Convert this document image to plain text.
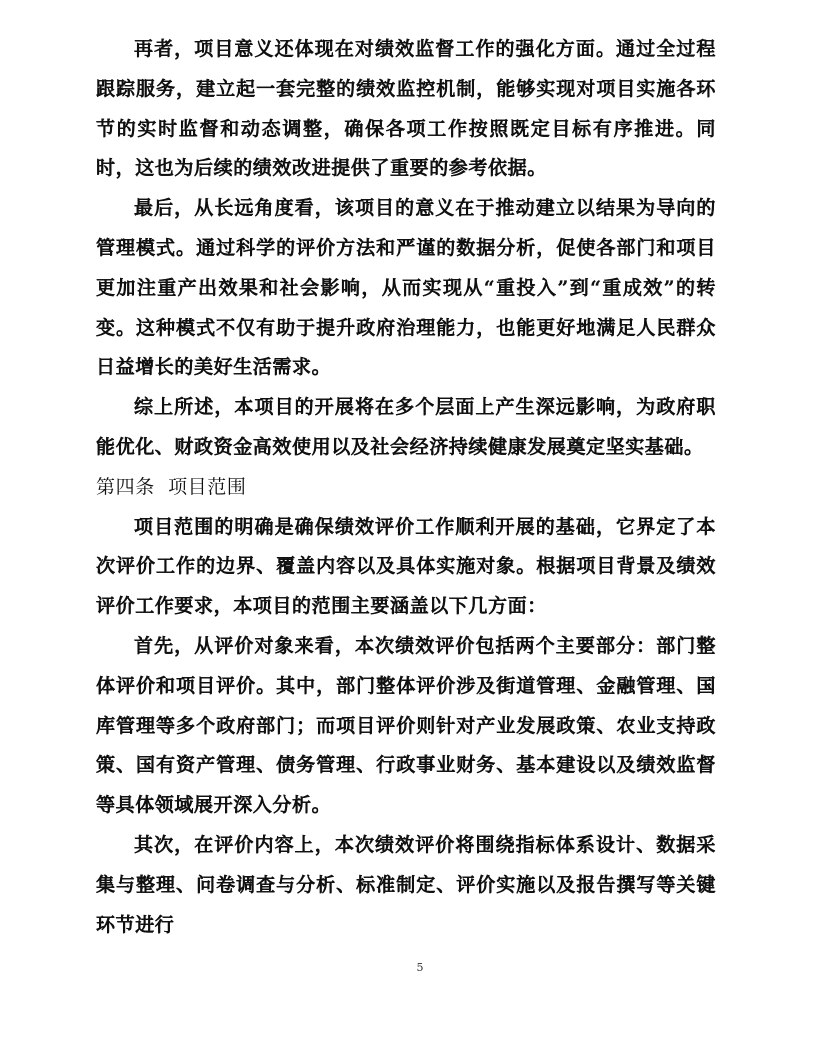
再者，项目意义还体现在对绩效监督工作的强化方面。通过全过程跟踪服务，建立起一套完整的绩效监控机制，能够实现对项目实施各环节的实时监督和动态调整，确保各项工作按照既定目标有序推进。同时，这也为后续的绩效改进提供了重要的参考依据。

最后，从长远角度看，该项目的意义在于推动建立以结果为导向的管理模式。通过科学的评价方法和严谨的数据分析，促使各部门和项目更加注重产出效果和社会影响，从而实现从“重投入”到“重成效”的转变。这种模式不仅有助于提升政府治理能力，也能更好地满足人民群众日益增长的美好生活需求。

综上所述，本项目的开展将在多个层面上产生深远影响，为政府职能优化、财政资金高效使用以及社会经济持续健康发展奠定坚实基础。

第四条  项目范围

项目范围的明确是确保绩效评价工作顺利开展的基础，它界定了本次评价工作的边界、覆盖内容以及具体实施对象。根据项目背景及绩效评价工作要求，本项目的范围主要涵盖以下几方面：

首先，从评价对象来看，本次绩效评价包括两个主要部分：部门整体评价和项目评价。其中，部门整体评价涉及街道管理、金融管理、国库管理等多个政府部门；而项目评价则针对产业发展政策、农业支持政策、国有资产管理、债务管理、行政事业财务、基本建设以及绩效监督等具体领域展开深入分析。

其次，在评价内容上，本次绩效评价将围绕指标体系设计、数据采集与整理、问卷调查与分析、标准制定、评价实施以及报告撰写等关键环节进行

5
